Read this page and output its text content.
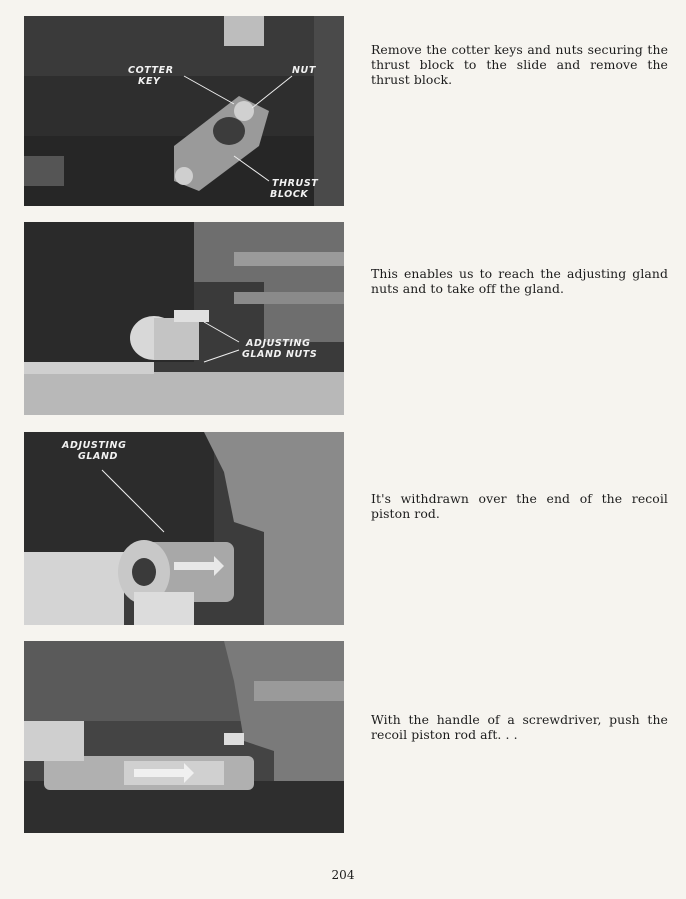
COTTER
KEY
NUT
THRUST
BLOCK
Remove the cotter keys and nuts securing the thrust block to the slide and remove the thrust block.
ADJUSTING
GLAND NUTS
This enables us to reach the adjusting gland nuts and to take off the gland.
ADJUSTING
GLAND
It's withdrawn over the end of the recoil piston rod.
With the handle of a screwdriver, push the recoil piston rod aft. . .
204
